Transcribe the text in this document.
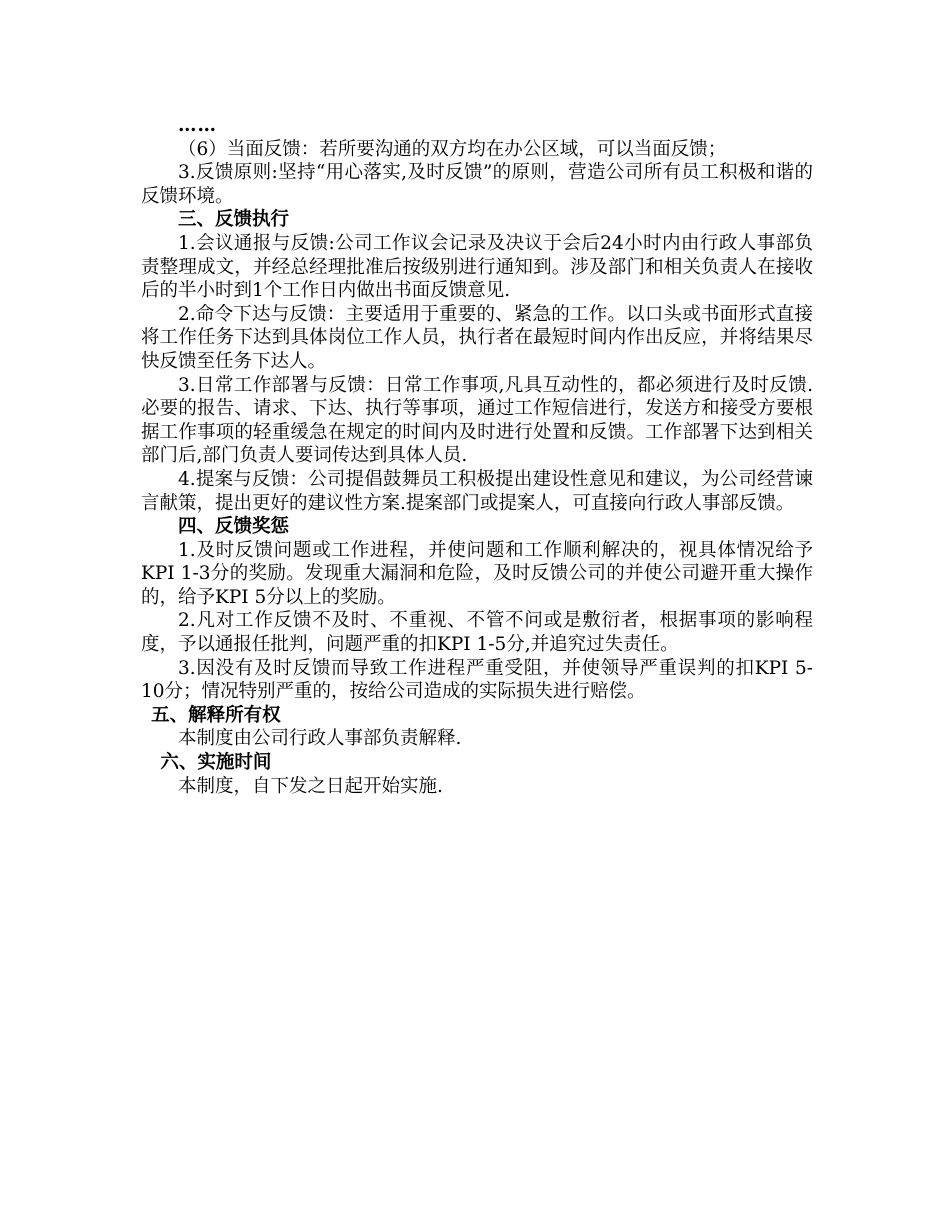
……

（6）当面反馈：若所要沟通的双方均在办公区域，可以当面反馈；

3.反馈原则:坚持“用心落实,及时反馈”的原则，营造公司所有员工积极和谐的反馈环境。

三、反馈执行

1.会议通报与反馈:公司工作议会记录及决议于会后24小时内由行政人事部负责整理成文，并经总经理批准后按级别进行通知到。涉及部门和相关负责人在接收后的半小时到1个工作日内做出书面反馈意见.

2.命令下达与反馈：主要适用于重要的、紧急的工作。以口头或书面形式直接将工作任务下达到具体岗位工作人员，执行者在最短时间内作出反应，并将结果尽快反馈至任务下达人。

3.日常工作部署与反馈：日常工作事项,凡具互动性的，都必须进行及时反馈.必要的报告、请求、下达、执行等事项，通过工作短信进行，发送方和接受方要根据工作事项的轻重缓急在规定的时间内及时进行处置和反馈。工作部署下达到相关部门后,部门负责人要词传达到具体人员.

4.提案与反馈：公司提倡鼓舞员工积极提出建设性意见和建议，为公司经营谏言献策，提出更好的建议性方案.提案部门或提案人，可直接向行政人事部反馈。

四、反馈奖惩

1.及时反馈问题或工作进程，并使问题和工作顺利解决的，视具体情况给予KPI 1-3分的奖励。发现重大漏洞和危险，及时反馈公司的并使公司避开重大操作的，给予KPI 5分以上的奖励。

2.凡对工作反馈不及时、不重视、不管不问或是敷衍者，根据事项的影响程度，予以通报任批判，问题严重的扣KPI 1-5分,并追究过失责任。

3.因没有及时反馈而导致工作进程严重受阻，并使领导严重误判的扣KPI 5-10分；情况特别严重的，按给公司造成的实际损失进行赔偿。

五、解释所有权

本制度由公司行政人事部负责解释.

六、实施时间

本制度，自下发之日起开始实施.
